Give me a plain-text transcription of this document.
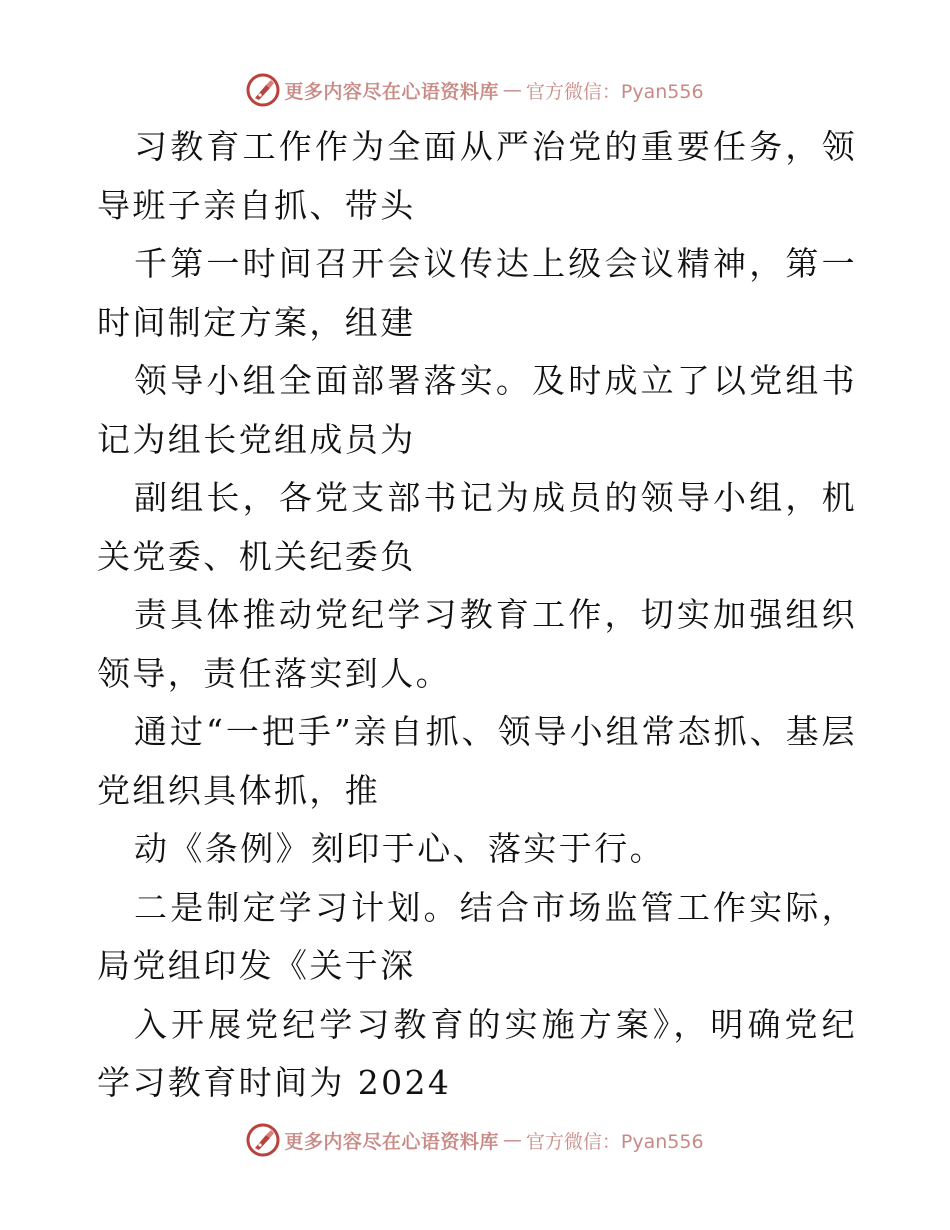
更多内容尽在心语资料库 — 官方微信：Pyan556

习教育工作作为全面从严治党的重要任务，领导班子亲自抓、带头

千第一时间召开会议传达上级会议精神，第一时间制定方案，组建

领导小组全面部署落实。及时成立了以党组书记为组长党组成员为

副组长，各党支部书记为成员的领导小组，机关党委、机关纪委负

责具体推动党纪学习教育工作，切实加强组织领导，责任落实到人。

通过“一把手”亲自抓、领导小组常态抓、基层党组织具体抓，推

动《条例》刻印于心、落实于行。

二是制定学习计划。结合市场监管工作实际，局党组印发《关于深

入开展党纪学习教育的实施方案》，明确党纪学习教育时间为 2024

更多内容尽在心语资料库 — 官方微信：Pyan556
